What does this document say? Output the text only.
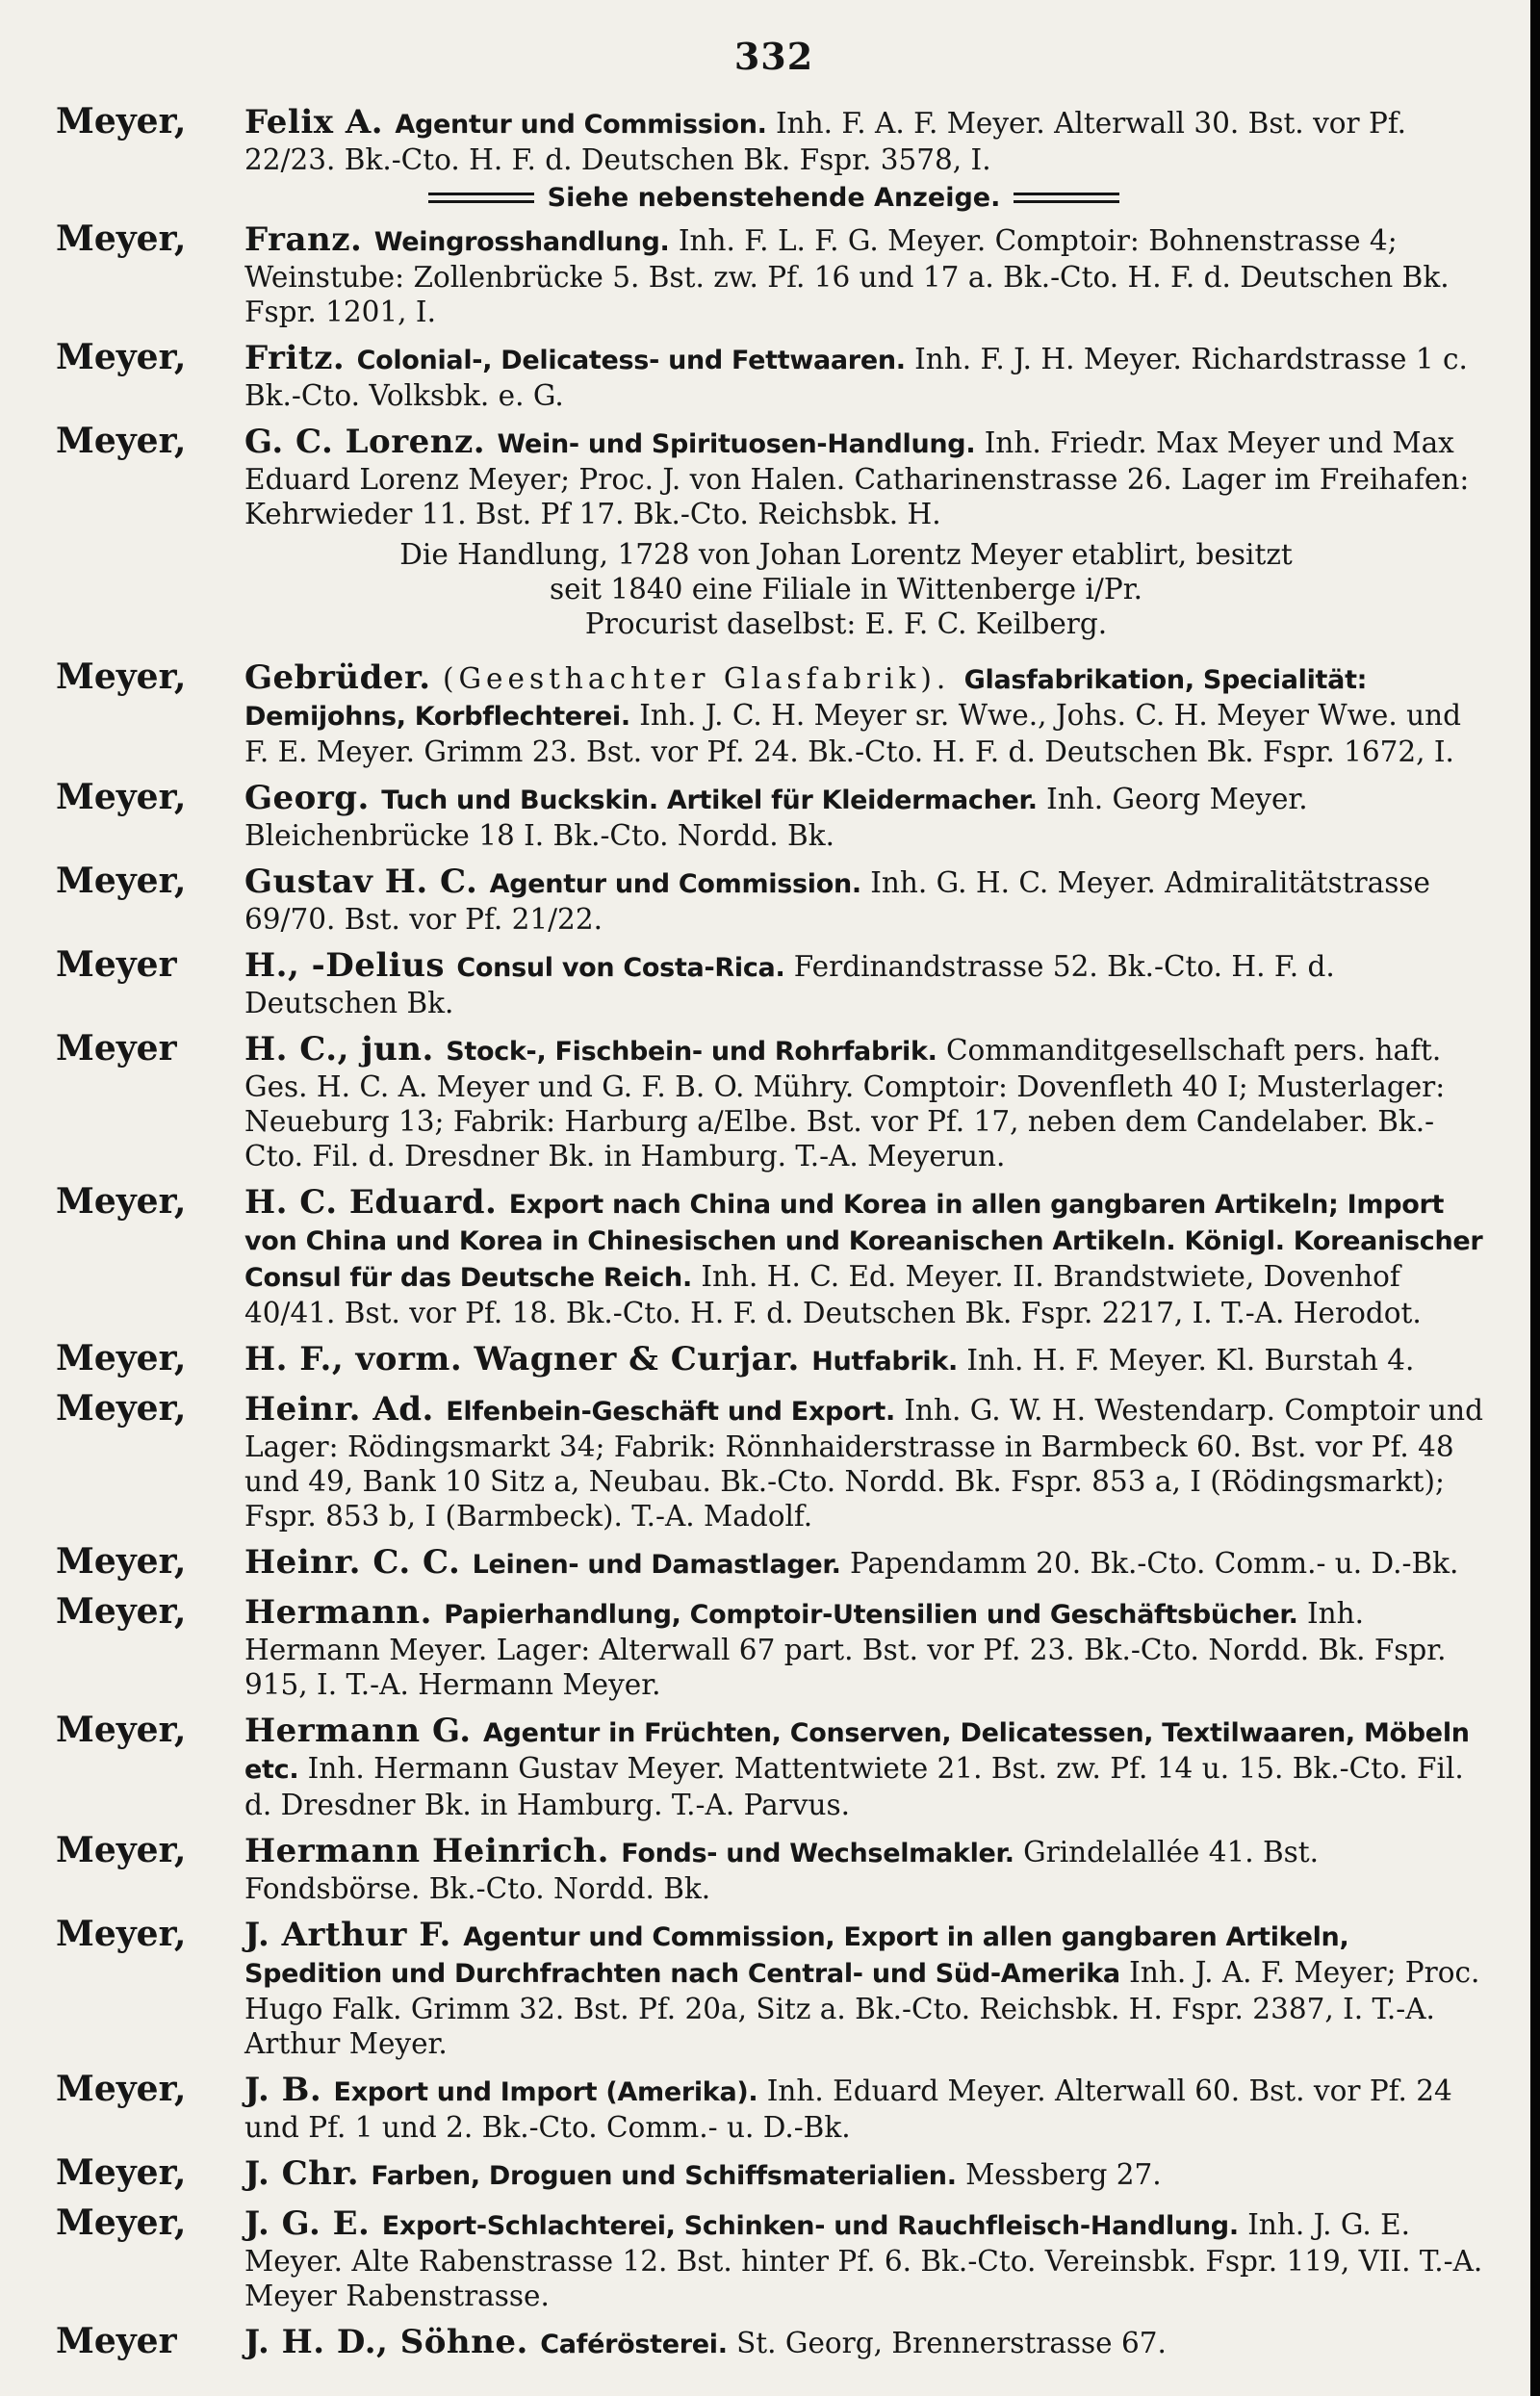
332
Meyer,	Felix A. Agentur und Commission. Inh. F. A. F. Meyer. Alterwall 30. Bst. vor Pf. 22/23. Bk.-Cto. H. F. d. Deutschen Bk. Fspr. 3578, I.
Siehe nebenstehende Anzeige.
Meyer,	Franz. Weingrosshandlung. Inh. F. L. F. G. Meyer. Comptoir: Bohnenstrasse 4; Weinstube: Zollenbrücke 5. Bst. zw. Pf. 16 und 17 a. Bk.-Cto. H. F. d. Deutschen Bk. Fspr. 1201, I.
Meyer,	Fritz. Colonial-, Delicatess- und Fettwaaren. Inh. F. J. H. Meyer. Richardstrasse 1 c. Bk.-Cto. Volksbk. e. G.
Meyer,	G. C. Lorenz. Wein- und Spirituosen-Handlung. Inh. Friedr. Max Meyer und Max Eduard Lorenz Meyer; Proc. J. von Halen. Catharinenstrasse 26. Lager im Freihafen: Kehrwieder 11. Bst. Pf 17. Bk.-Cto. Reichsbk. H.
Die Handlung, 1728 von Johan Lorentz Meyer etablirt, besitzt
seit 1840 eine Filiale in Wittenberge i/Pr.
Procurist daselbst: E. F. C. Keilberg.
Meyer,	Gebrüder. (Geesthachter Glasfabrik). Glasfabrikation, Specialität: Demijohns, Korbflechterei. Inh. J. C. H. Meyer sr. Wwe., Johs. C. H. Meyer Wwe. und F. E. Meyer. Grimm 23. Bst. vor Pf. 24. Bk.-Cto. H. F. d. Deutschen Bk. Fspr. 1672, I.
Meyer,	Georg. Tuch und Buckskin. Artikel für Kleidermacher. Inh. Georg Meyer. Bleichenbrücke 18 I. Bk.-Cto. Nordd. Bk.
Meyer,	Gustav H. C. Agentur und Commission. Inh. G. H. C. Meyer. Admiralitätstrasse 69/70. Bst. vor Pf. 21/22.
Meyer	H., -Delius Consul von Costa-Rica. Ferdinandstrasse 52. Bk.-Cto. H. F. d. Deutschen Bk.
Meyer	H. C., jun. Stock-, Fischbein- und Rohrfabrik. Commanditgesellschaft pers. haft. Ges. H. C. A. Meyer und G. F. B. O. Mühry. Comptoir: Dovenfleth 40 I; Musterlager: Neueburg 13; Fabrik: Harburg a/Elbe. Bst. vor Pf. 17, neben dem Candelaber. Bk.-Cto. Fil. d. Dresdner Bk. in Hamburg. T.-A. Meyerun.
Meyer,	H. C. Eduard. Export nach China und Korea in allen gangbaren Artikeln; Import von China und Korea in Chinesischen und Koreanischen Artikeln. Königl. Koreanischer Consul für das Deutsche Reich. Inh. H. C. Ed. Meyer. II. Brandstwiete, Dovenhof 40/41. Bst. vor Pf. 18. Bk.-Cto. H. F. d. Deutschen Bk. Fspr. 2217, I. T.-A. Herodot.
Meyer,	H. F., vorm. Wagner & Curjar. Hutfabrik. Inh. H. F. Meyer. Kl. Burstah 4.
Meyer,	Heinr. Ad. Elfenbein-Geschäft und Export. Inh. G. W. H. Westendarp. Comptoir und Lager: Rödingsmarkt 34; Fabrik: Rönnhaiderstrasse in Barmbeck 60. Bst. vor Pf. 48 und 49, Bank 10 Sitz a, Neubau. Bk.-Cto. Nordd. Bk. Fspr. 853 a, I (Rödingsmarkt); Fspr. 853 b, I (Barmbeck). T.-A. Madolf.
Meyer,	Heinr. C. C. Leinen- und Damastlager. Papendamm 20. Bk.-Cto. Comm.- u. D.-Bk.
Meyer,	Hermann. Papierhandlung, Comptoir-Utensilien und Geschäftsbücher. Inh. Hermann Meyer. Lager: Alterwall 67 part. Bst. vor Pf. 23. Bk.-Cto. Nordd. Bk. Fspr. 915, I. T.-A. Hermann Meyer.
Meyer,	Hermann G. Agentur in Früchten, Conserven, Delicatessen, Textilwaaren, Möbeln etc. Inh. Hermann Gustav Meyer. Mattentwiete 21. Bst. zw. Pf. 14 u. 15. Bk.-Cto. Fil. d. Dresdner Bk. in Hamburg. T.-A. Parvus.
Meyer,	Hermann Heinrich. Fonds- und Wechselmakler. Grindelallée 41. Bst. Fondsbörse. Bk.-Cto. Nordd. Bk.
Meyer,	J. Arthur F. Agentur und Commission, Export in allen gangbaren Artikeln, Spedition und Durchfrachten nach Central- und Süd-Amerika Inh. J. A. F. Meyer; Proc. Hugo Falk. Grimm 32. Bst. Pf. 20a, Sitz a. Bk.-Cto. Reichsbk. H. Fspr. 2387, I. T.-A. Arthur Meyer.
Meyer,	J. B. Export und Import (Amerika). Inh. Eduard Meyer. Alterwall 60. Bst. vor Pf. 24 und Pf. 1 und 2. Bk.-Cto. Comm.- u. D.-Bk.
Meyer,	J. Chr. Farben, Droguen und Schiffsmaterialien. Messberg 27.
Meyer,	J. G. E. Export-Schlachterei, Schinken- und Rauchfleisch-Handlung. Inh. J. G. E. Meyer. Alte Rabenstrasse 12. Bst. hinter Pf. 6. Bk.-Cto. Vereinsbk. Fspr. 119, VII. T.-A. Meyer Rabenstrasse.
Meyer	J. H. D., Söhne. Caférösterei. St. Georg, Brennerstrasse 67.
